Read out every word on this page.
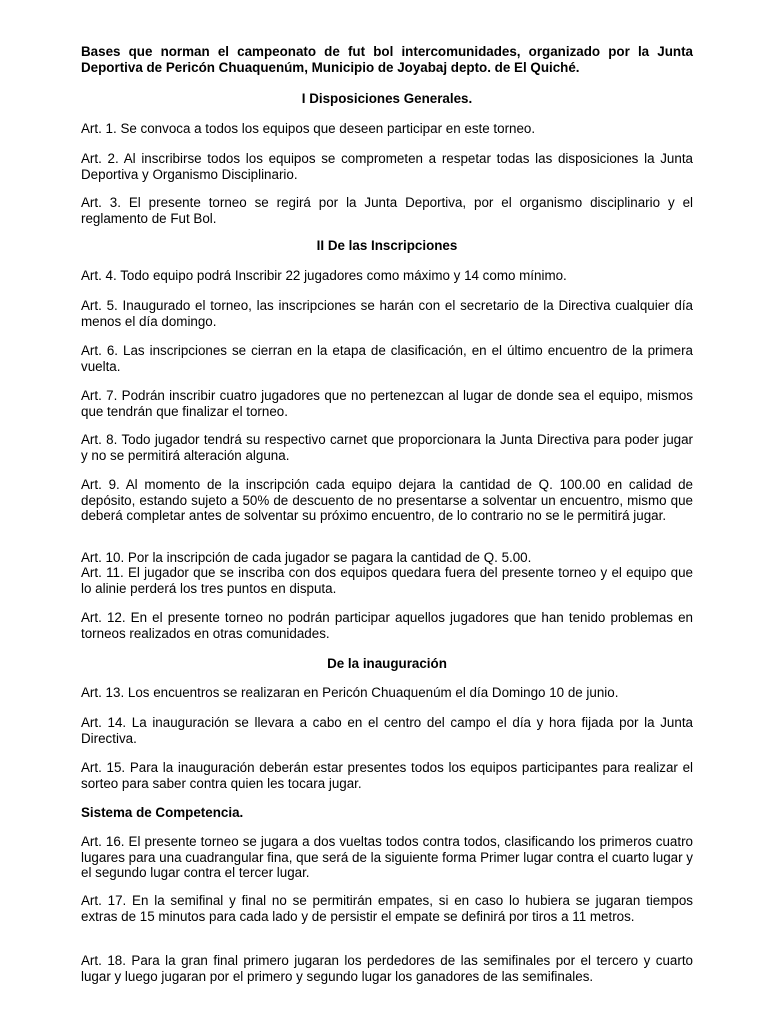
Bases que norman el campeonato de fut bol intercomunidades, organizado por la Junta Deportiva de Pericón Chuaquenúm, Municipio de Joyabaj depto. de El Quiché.

I Disposiciones Generales.

Art. 1. Se convoca a todos los equipos que deseen participar en este torneo.

Art. 2. Al inscribirse todos los equipos se comprometen a respetar todas las disposiciones la Junta Deportiva y Organismo Disciplinario.

Art. 3. El presente torneo se regirá por la Junta Deportiva, por el organismo disciplinario y el reglamento de Fut Bol.

II De las Inscripciones

Art. 4. Todo equipo podrá Inscribir 22 jugadores como máximo y 14 como mínimo.

Art. 5. Inaugurado el torneo, las inscripciones se harán con el secretario de la Directiva cualquier día menos el día domingo.

Art. 6. Las inscripciones se cierran en la etapa de clasificación, en el último encuentro de la primera vuelta.

Art. 7. Podrán inscribir cuatro jugadores que no pertenezcan al lugar de donde sea el equipo, mismos que tendrán que finalizar el torneo.

Art. 8. Todo jugador tendrá su respectivo carnet que proporcionara la Junta Directiva para poder jugar y no se permitirá alteración alguna.

Art. 9. Al momento de la inscripción cada equipo dejara la cantidad de Q. 100.00 en calidad de depósito, estando sujeto a 50% de descuento de no presentarse a solventar un encuentro, mismo que deberá completar antes de solventar su próximo encuentro, de lo contrario no se le permitirá jugar.

Art. 10. Por la inscripción de cada jugador se pagara la cantidad de Q. 5.00.

Art. 11. El jugador que se inscriba con dos equipos quedara fuera del presente torneo y el equipo que lo alinie perderá los tres puntos en disputa.

Art. 12. En el presente torneo no podrán participar aquellos jugadores que han tenido problemas en torneos realizados en otras comunidades.

De la inauguración

Art. 13. Los encuentros se realizaran en Pericón Chuaquenúm el día Domingo 10 de junio.

Art. 14. La inauguración se llevara a cabo en el centro del campo el día y hora fijada por la Junta Directiva.

Art. 15. Para la inauguración deberán estar presentes todos los equipos participantes para realizar el sorteo para saber contra quien les tocara jugar.

Sistema de Competencia.

Art. 16. El presente torneo se jugara a dos vueltas todos contra todos, clasificando los primeros cuatro lugares para una cuadrangular fina, que será de la siguiente forma Primer lugar contra el cuarto lugar y el segundo lugar contra el tercer lugar.

Art. 17. En la semifinal y final no se permitirán empates, si en caso lo hubiera se jugaran tiempos extras de 15 minutos para cada lado y de persistir el empate se definirá por tiros a 11 metros.

Art. 18. Para la gran final primero jugaran los perdedores de las semifinales por el tercero y cuarto lugar y luego jugaran por el primero y segundo lugar los ganadores de las semifinales.
